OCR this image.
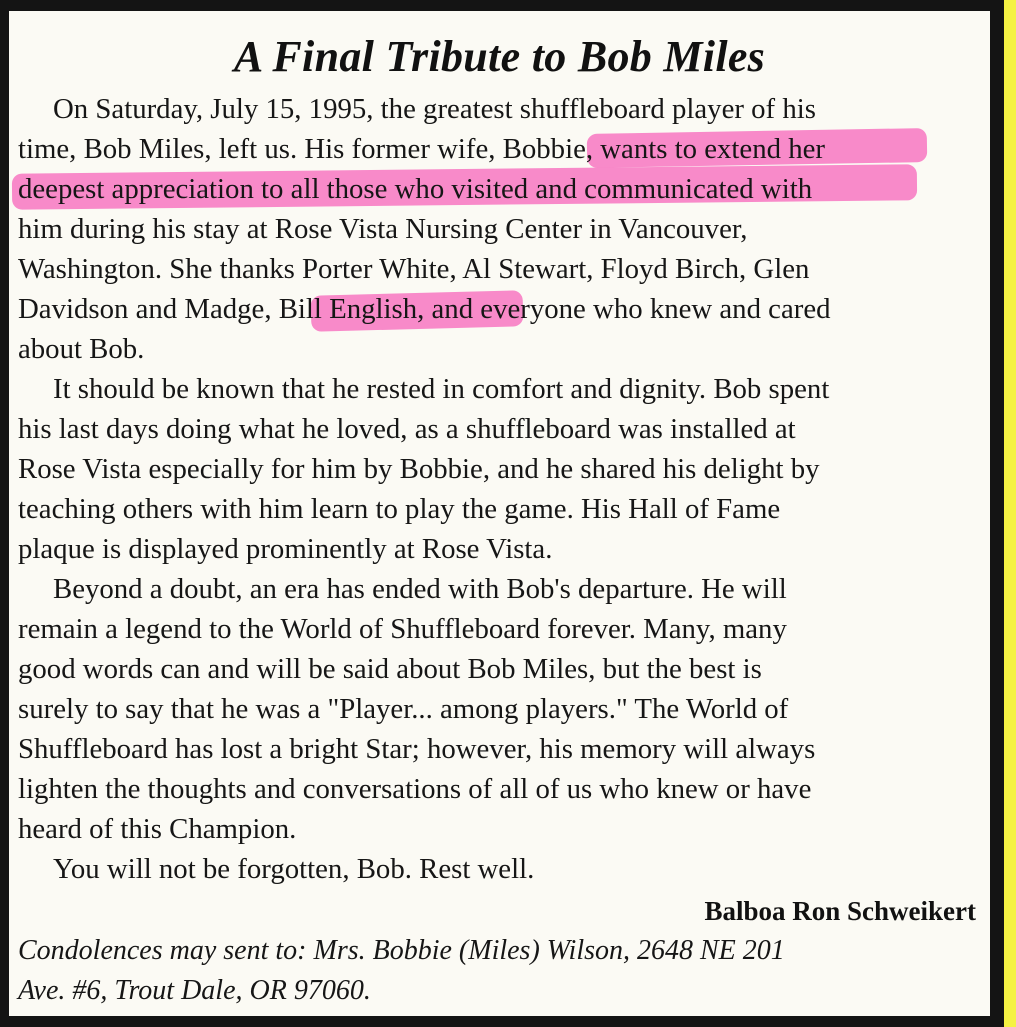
A Final Tribute to Bob Miles

On Saturday, July 15, 1995, the greatest shuffleboard player of his

time, Bob Miles, left us. His former wife, Bobbie, wants to extend her

deepest appreciation to all those who visited and communicated with

him during his stay at Rose Vista Nursing Center in Vancouver,

Washington. She thanks Porter White, Al Stewart, Floyd Birch, Glen

Davidson and Madge, Bill English, and everyone who knew and cared

about Bob.

It should be known that he rested in comfort and dignity. Bob spent

his last days doing what he loved, as a shuffleboard was installed at

Rose Vista especially for him by Bobbie, and he shared his delight by

teaching others with him learn to play the game. His Hall of Fame

plaque is displayed prominently at Rose Vista.

Beyond a doubt, an era has ended with Bob's departure. He will

remain a legend to the World of Shuffleboard forever. Many, many

good words can and will be said about Bob Miles, but the best is

surely to say that he was a "Player... among players." The World of

Shuffleboard has lost a bright Star; however, his memory will always

lighten the thoughts and conversations of all of us who knew or have

heard of this Champion.

You will not be forgotten, Bob. Rest well.

Balboa Ron Schweikert

Condolences may sent to: Mrs. Bobbie (Miles) Wilson, 2648 NE 201

Ave. #6, Trout Dale, OR 97060.
